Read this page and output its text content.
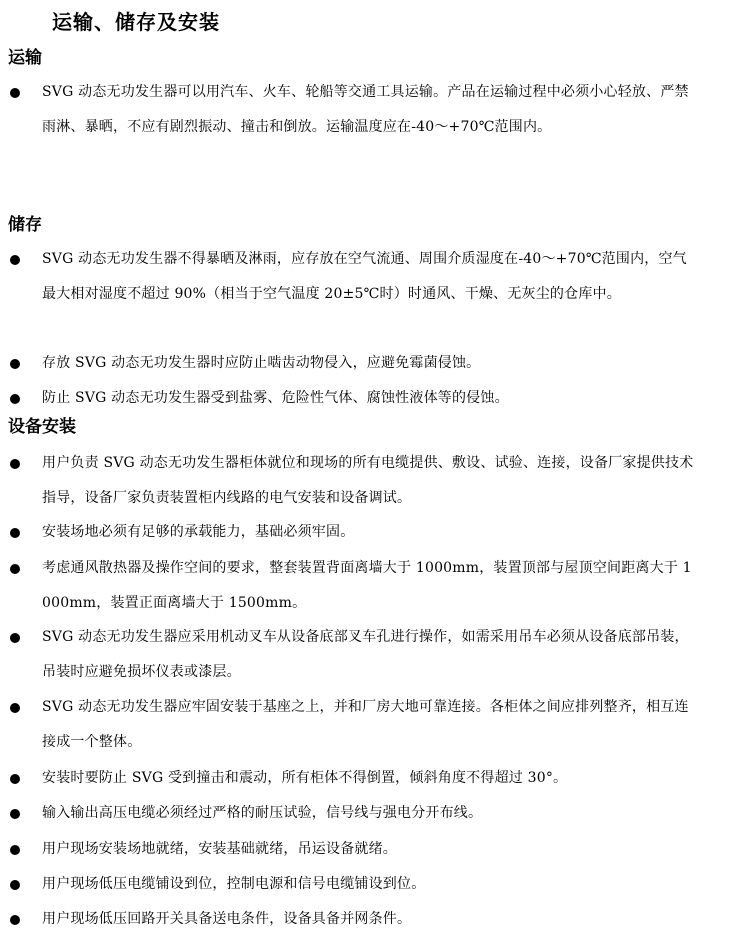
运输、储存及安装
运输

SVG 动态无功发生器可以用汽车、火车、轮船等交通工具运输。产品在运输过程中必须小心轻放、严禁雨淋、暴晒，不应有剧烈振动、撞击和倒放。运输温度应在-40～+70℃范围内。

储存

SVG 动态无功发生器不得暴晒及淋雨，应存放在空气流通、周围介质湿度在-40～+70℃范围内，空气最大相对湿度不超过 90%（相当于空气温度 20±5℃时）时通风、干燥、无灰尘的仓库中。

存放 SVG 动态无功发生器时应防止啮齿动物侵入，应避免霉菌侵蚀。

防止 SVG 动态无功发生器受到盐雾、危险性气体、腐蚀性液体等的侵蚀。

设备安装

用户负责 SVG 动态无功发生器柜体就位和现场的所有电缆提供、敷设、试验、连接，设备厂家提供技术指导，设备厂家负责装置柜内线路的电气安装和设备调试。

安装场地必须有足够的承载能力，基础必须牢固。

考虑通风散热器及操作空间的要求，整套装置背面离墙大于 1000mm，装置顶部与屋顶空间距离大于 1000mm，装置正面离墙大于 1500mm。

SVG 动态无功发生器应采用机动叉车从设备底部叉车孔进行操作，如需采用吊车必须从设备底部吊装，吊装时应避免损坏仪表或漆层。

SVG 动态无功发生器应牢固安装于基座之上，并和厂房大地可靠连接。各柜体之间应排列整齐，相互连接成一个整体。

安装时要防止 SVG 受到撞击和震动，所有柜体不得倒置，倾斜角度不得超过 30°。

输入输出高压电缆必须经过严格的耐压试验，信号线与强电分开布线。

用户现场安装场地就绪，安装基础就绪，吊运设备就绪。

用户现场低压电缆铺设到位，控制电源和信号电缆铺设到位。

用户现场低压回路开关具备送电条件，设备具备并网条件。
